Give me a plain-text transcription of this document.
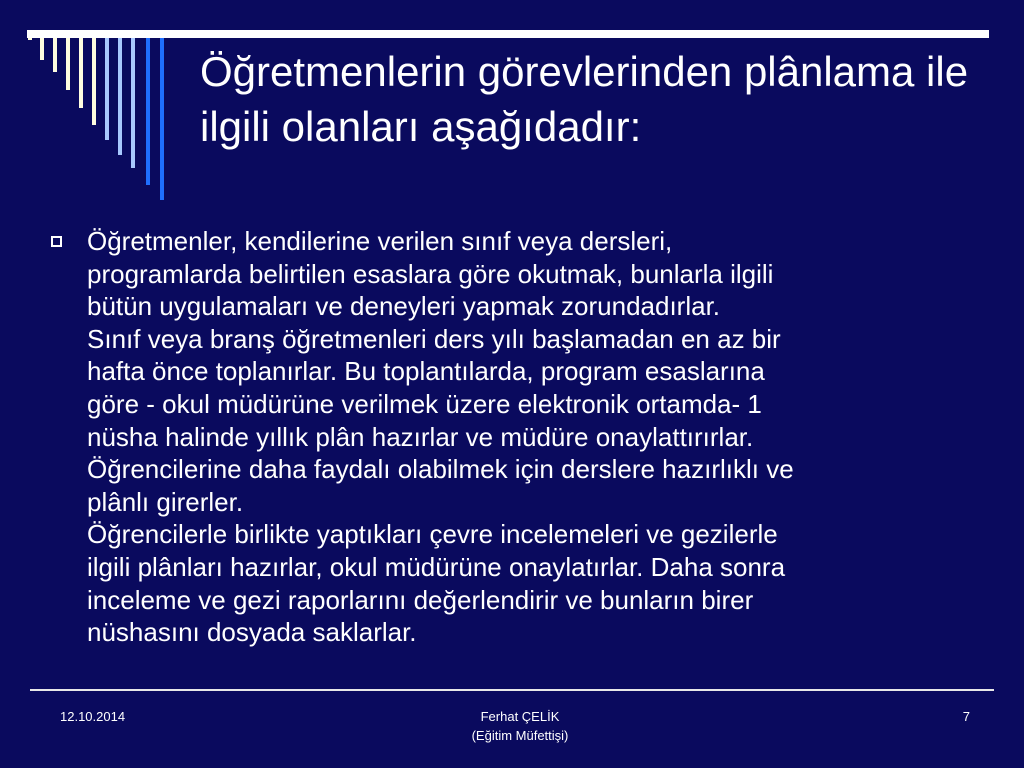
Öğretmenlerin görevlerinden plânlama ile ilgili olanları aşağıdadır:

Öğretmenler, kendilerine verilen sınıf veya dersleri,
programlarda belirtilen esaslara göre okutmak, bunlarla ilgili
bütün uygulamaları ve deneyleri yapmak zorundadırlar.
Sınıf veya branş öğretmenleri ders yılı başlamadan en az bir
hafta önce toplanırlar. Bu toplantılarda, program esaslarına
göre - okul müdürüne verilmek üzere elektronik ortamda- 1
nüsha halinde yıllık plân hazırlar ve müdüre onaylattırırlar.
Öğrencilerine daha faydalı olabilmek için derslere hazırlıklı ve
plânlı girerler.
Öğrencilerle birlikte yaptıkları çevre incelemeleri ve gezilerle
ilgili plânları hazırlar, okul müdürüne onaylatırlar. Daha sonra
inceleme ve gezi raporlarını değerlendirir ve bunların birer
nüshasını dosyada saklarlar.

12.10.2014	Ferhat ÇELİK
(Eğitim Müfettişi)
7
